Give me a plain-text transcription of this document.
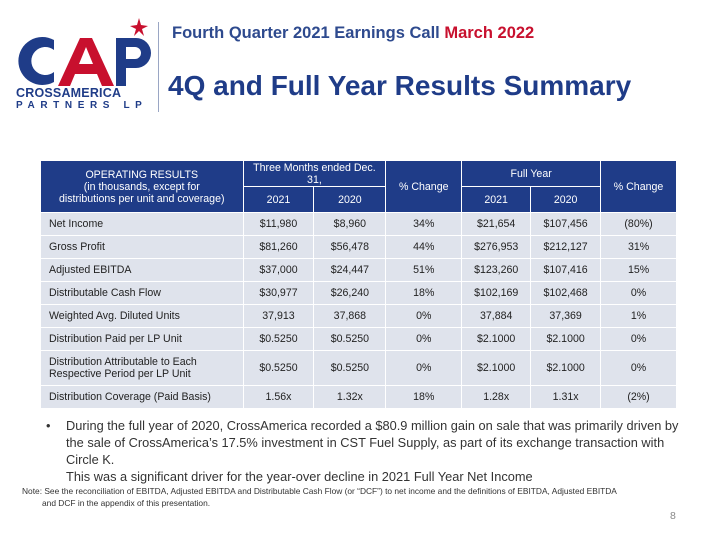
CROSSAMERICA
PARTNERS LP
Fourth Quarter 2021 Earnings Call March 2022
4Q and Full Year Results Summary
OPERATING RESULTS
(in thousands, except for
distributions per unit and coverage)	Three Months ended Dec. 31,		% Change	Full Year		% Change
	2021	2020		2021	2020	
Net Income	$11,980	$8,960	34%	$21,654	$107,456	(80%)
Gross Profit	$81,260	$56,478	44%	$276,953	$212,127	31%
Adjusted EBITDA	$37,000	$24,447	51%	$123,260	$107,416	15%
Distributable Cash Flow	$30,977	$26,240	18%	$102,169	$102,468	0%
Weighted Avg. Diluted Units	37,913	37,868	0%	37,884	37,369	1%
Distribution Paid per LP Unit	$0.5250	$0.5250	0%	$2.1000	$2.1000	0%

Distribution Attributable to Each
Respective Period per LP Unit	$0.5250	$0.5250	0%	$2.1000	$2.1000	0%
Distribution Coverage (Paid Basis)	1.56x	1.32x	18%	1.28x	1.31x	(2%)
• During the full year of 2020, CrossAmerica recorded a $80.9 million gain on sale that was primarily driven by
the sale of CrossAmerica’s 17.5% investment in CST Fuel Supply, as part of its exchange transaction with Circle K.
This was a significant driver for the year-over decline in 2021 Full Year Net Income
Note: See the reconciliation of EBITDA, Adjusted EBITDA and Distributable Cash Flow (or “DCF”) to net income and the definitions of EBITDA, Adjusted EBITDA
and DCF in the appendix of this presentation.
8
